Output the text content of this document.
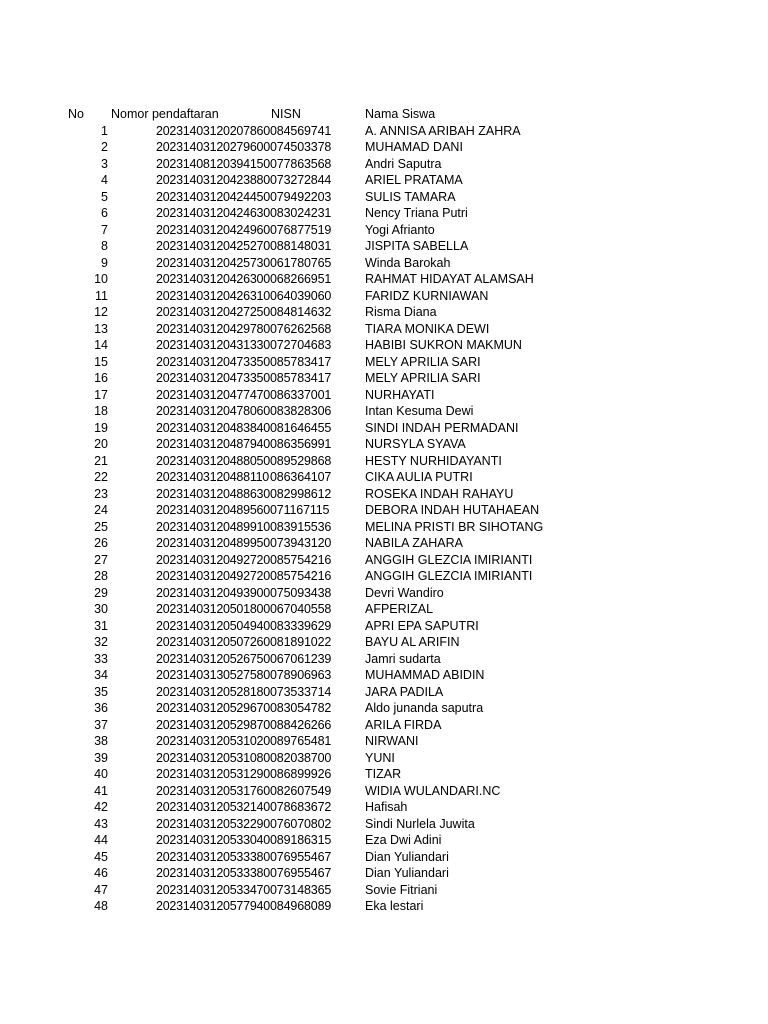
No Nomor pendaftaran	NISN	Nama Siswa
1	20231403120207860 084569741	A. ANNISA ARIBAH ZAHRA
2	20231403120279600 074503378	MUHAMAD DANI
3	20231408120394150 077863568	Andri Saputra
4	20231403120423880 073272844	ARIEL PRATAMA
5	20231403120424450 079492203	SULIS TAMARA
6	20231403120424630 083024231	Nency Triana Putri
7	20231403120424960 076877519	Yogi Afrianto
8	20231403120425270 088148031	JISPITA SABELLA
9	20231403120425730 061780765	Winda Barokah
10	20231403120426300 068266951	RAHMAT HIDAYAT ALAMSAH
11	20231403120426310 064039060	FARIDZ KURNIAWAN
12	20231403120427250 084814632	Risma Diana
13	20231403120429780 076262568	TIARA MONIKA DEWI
14	20231403120431330 072704683	HABIBI SUKRON MAKMUN
15	20231403120473350 085783417	MELY APRILIA SARI
16	20231403120473350 085783417	MELY APRILIA SARI
17	20231403120477470 086337001	NURHAYATI
18	20231403120478060 083828306	Intan Kesuma Dewi
19	20231403120483840 081646455	SINDI INDAH PERMADANI
20	20231403120487940 086356991	NURSYLA SYAVA
21	20231403120488050 089529868	HESTY NURHIDAYANTI
22	20231403120488110 086364107	CIKA AULIA PUTRI
23	20231403120488630 082998612	ROSEKA INDAH RAHAYU
24	20231403120489560 071167115	DEBORA INDAH HUTAHAEAN
25	20231403120489910 083915536	MELINA PRISTI BR SIHOTANG
26	20231403120489950 073943120	NABILA ZAHARA
27	20231403120492720 085754216	ANGGIH GLEZCIA IMIRIANTI
28	20231403120492720 085754216	ANGGIH GLEZCIA IMIRIANTI
29	20231403120493900 075093438	Devri Wandiro
30	20231403120501800 067040558	AFPERIZAL
31	20231403120504940 083339629	APRI EPA SAPUTRI
32	20231403120507260 081891022	BAYU AL ARIFIN
33	20231403120526750 067061239	Jamri sudarta
34	20231403130527580 078906963	MUHAMMAD ABIDIN
35	20231403120528180 073533714	JARA PADILA
36	20231403120529670 083054782	Aldo junanda saputra
37	20231403120529870 088426266	ARILA FIRDA
38	20231403120531020 089765481	NIRWANI
39	20231403120531080 082038700	YUNI
40	20231403120531290 086899926	TIZAR
41	20231403120531760 082607549	WIDIA WULANDARI.NC
42	20231403120532140 078683672	Hafisah
43	20231403120532290 076070802	Sindi Nurlela Juwita
44	20231403120533040 089186315	Eza Dwi Adini
45	20231403120533380 076955467	Dian Yuliandari
46	20231403120533380 076955467	Dian Yuliandari
47	20231403120533470 073148365	Sovie Fitriani
48	20231403120577940 084968089	Eka lestari
